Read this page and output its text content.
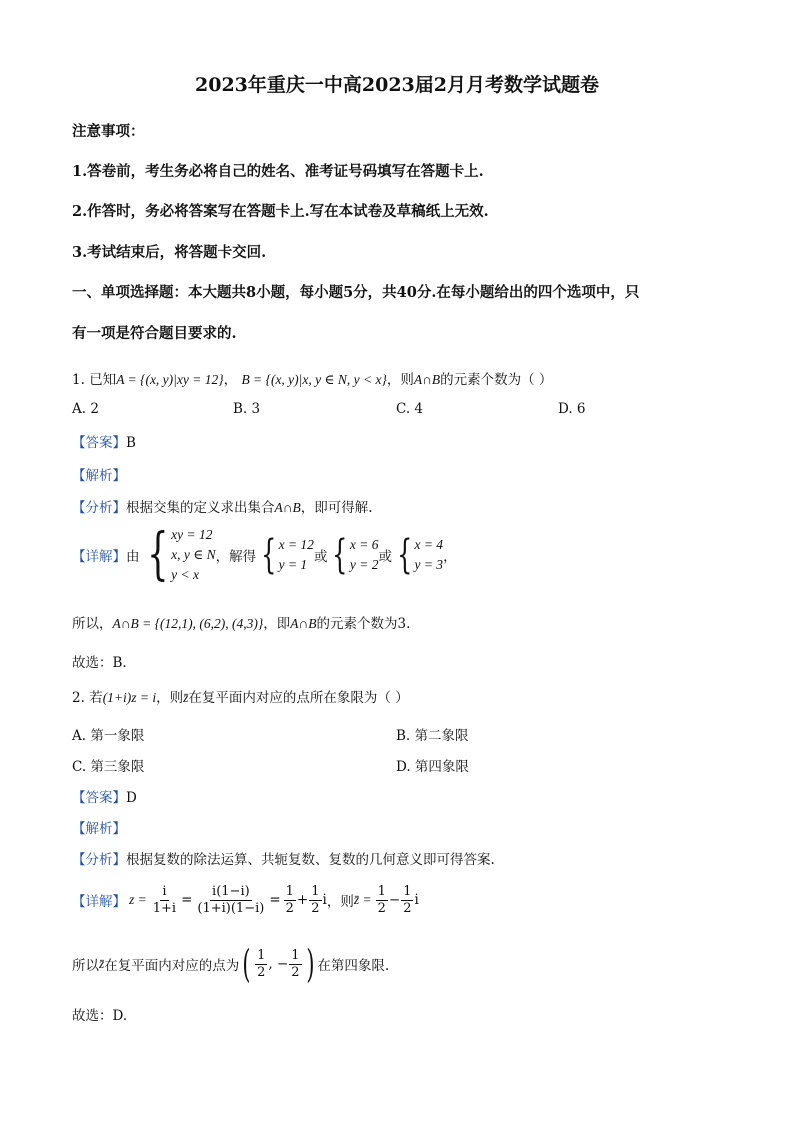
2023年重庆一中高2023届2月月考数学试题卷
注意事项：
1.答卷前，考生务必将自己的姓名、准考证号码填写在答题卡上.
2.作答时，务必将答案写在答题卡上.写在本试卷及草稿纸上无效.
3.考试结束后，将答题卡交回.
一、单项选择题：本大题共8小题，每小题5分，共40分.在每小题给出的四个选项中，只
有一项是符合题目要求的.
1. 已知A = {(x, y)|xy = 12}， B = {(x, y)|x, y ∈ N, y < x}，则A∩B的元素个数为（ ）
A. 2	B. 3	C. 4	D. 6
【答案】B
【解析】
【分析】根据交集的定义求出集合A∩B，即可得解.
【详解】 由 { xy = 12
x, y ∈ N
y < x
，解得 { x = 12
y = 1 或 { x = 6
y = 2 或 { x = 4
y = 3 ，
所以，A∩B = {(12,1), (6,2), (4,3)}，即A∩B的元素个数为3.
故选：B.
2. 若(1+i)z = i，则z̄在复平面内对应的点所在象限为（ ）
A. 第一象限	B. 第二象限
C. 第三象限	D. 第四象限
【答案】D
【解析】
【分析】根据复数的除法运算、共轭复数、复数的几何意义即可得答案.
【详解】 $z = \frac{i}{1+i} = \frac{i(1-i)}{(1+i)(1-i)} = \frac{1}{2} + \frac{1}{2}$ i ，则 z̄ = $\frac{1}{2} - \frac{1}{2}$ i
所以 z̄ 在复平面内对应的点为 ( $\frac{1}{2}$ , − $\frac{1}{2}$ ) 在第四象限.
故选：D.
